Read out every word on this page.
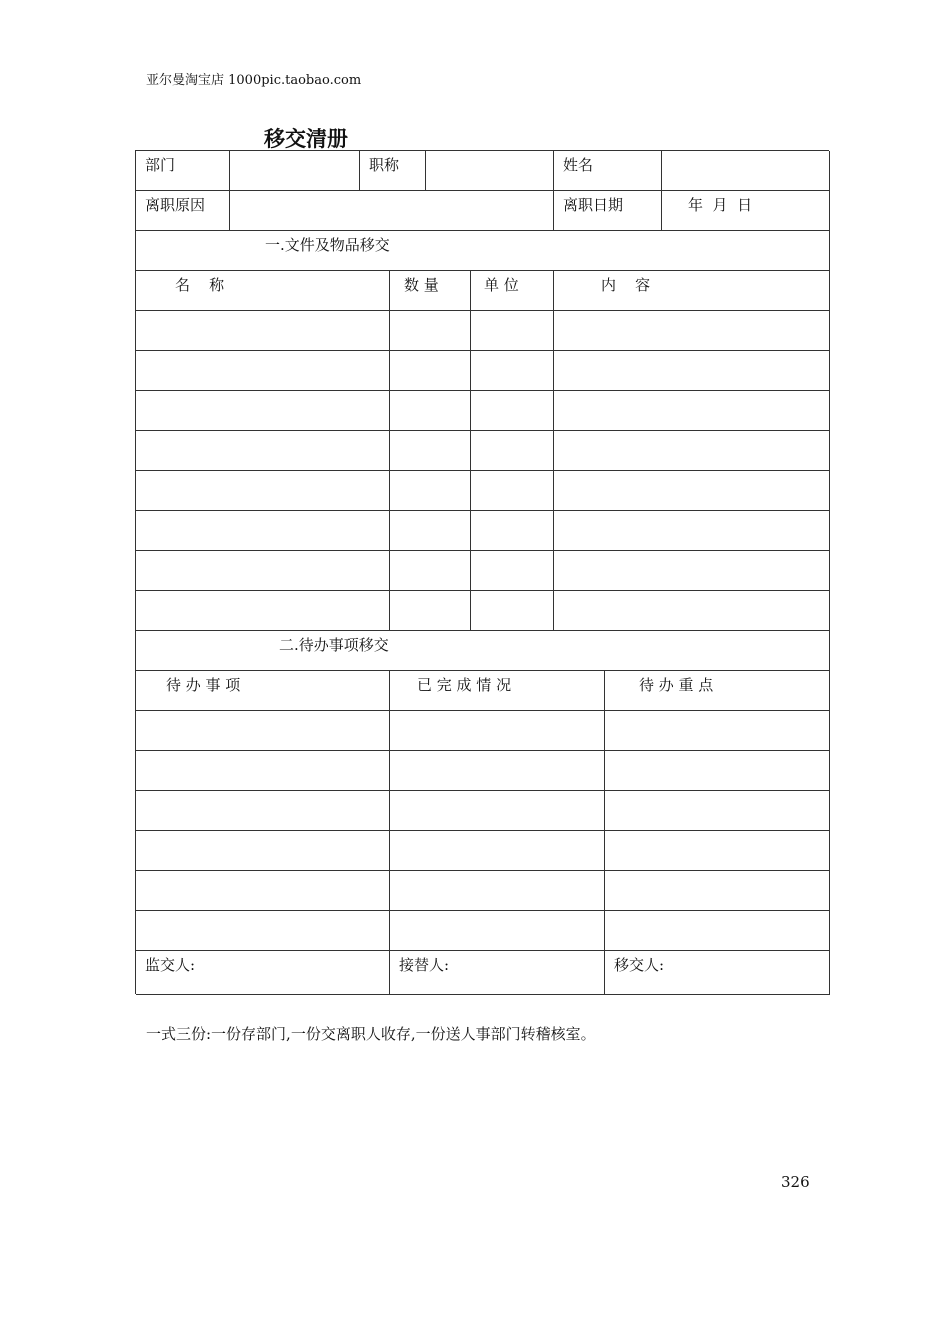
亚尔曼淘宝店 1000pic.taobao.com
移交清册
部门	职称	姓名
离职原因	离职日期	年  月  日
一.文件及物品移交
名    称	数 量	单 位	内    容
二.待办事项移交
待 办 事 项	已 完 成 情 况	待 办 重 点
监交人:	接替人:	移交人:
一式三份:一份存部门,一份交离职人收存,一份送人事部门转稽核室。
326
